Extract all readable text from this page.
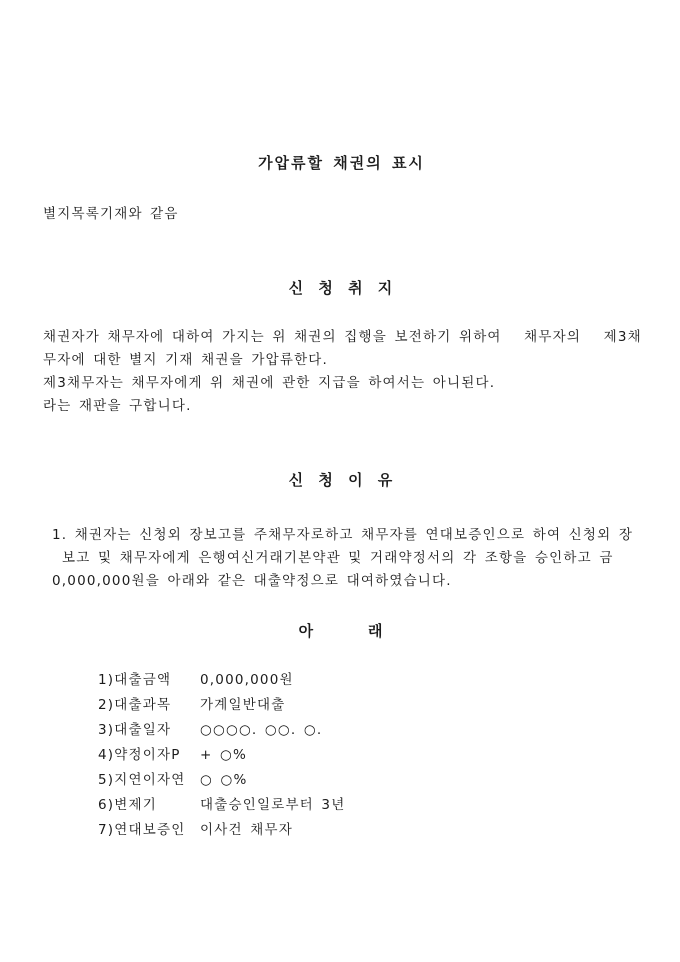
가압류할 채권의 표시
별지목록기재와 같음
신 청 취 지
채권자가 채무자에 대하여 가지는 위 채권의 집행을 보전하기 위하여   채무자의   제3채
무자에 대한 별지 기재 채권을 가압류한다.
제3채무자는 채무자에게 위 채권에 관한 지급을 하여서는 아니된다.
라는 재판을 구합니다.
신 청 이 유
1. 채권자는 신청외 장보고를 주채무자로하고 채무자를 연대보증인으로 하여 신청외 장
보고 및 채무자에게 은행여신거래기본약관 및 거래약정서의 각 조항을 승인하고 금
0,000,000원을 아래와 같은 대출약정으로 대여하였습니다.
아    래
1)대출금액	0,000,000원
2)대출과목	가계일반대출
3)대출일자	○○○○. ○○. ○.
4)약정이자P	+ ○%
5)지연이자연	○ ○%
6)변제기	대출승인일로부터 3년
7)연대보증인	이사건 채무자
